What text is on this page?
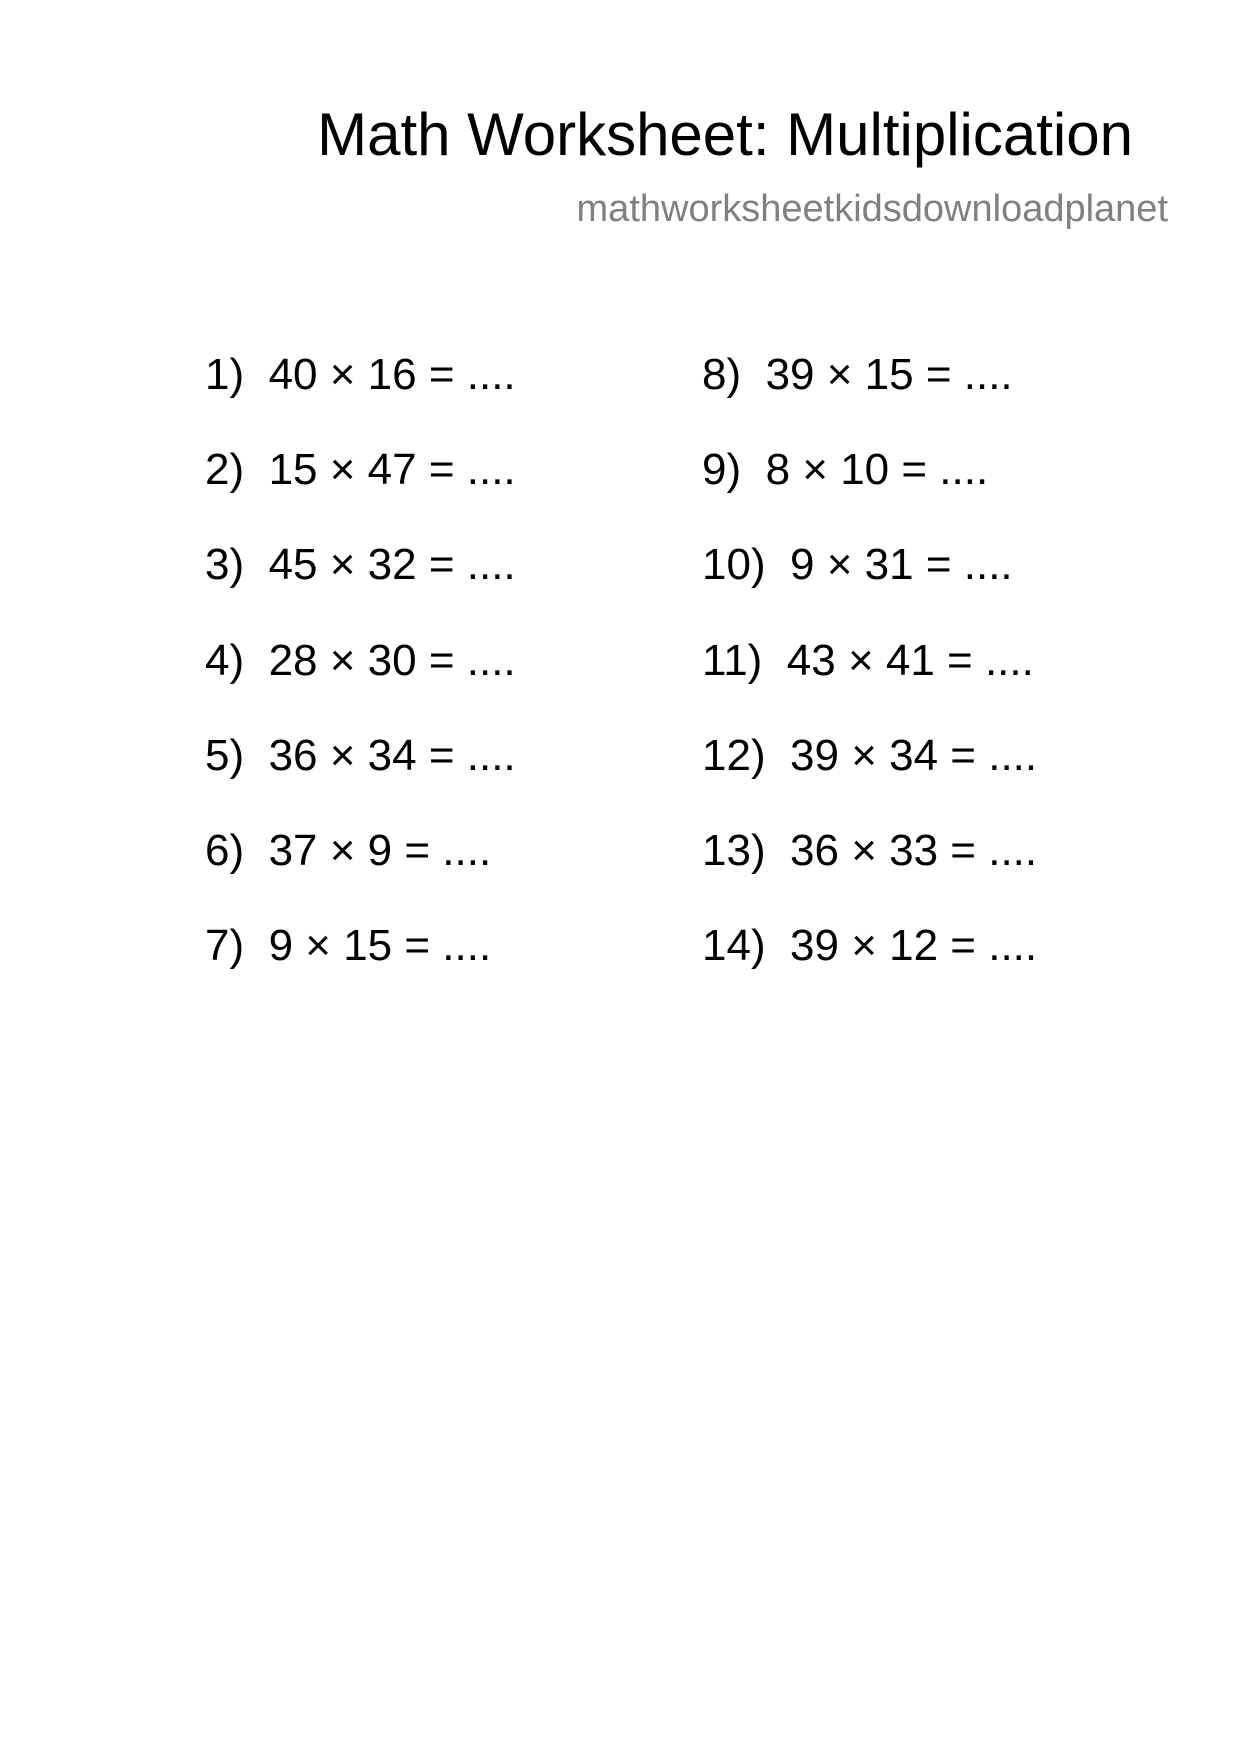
Math Worksheet: Multiplication
mathworksheetkidsdownloadplanet
1)  40 × 16 = ....
2)  15 × 47 = ....
3)  45 × 32 = ....
4)  28 × 30 = ....
5)  36 × 34 = ....
6)  37 × 9 = ....
7)  9 × 15 = ....
8)  39 × 15 = ....
9)  8 × 10 = ....
10)  9 × 31 = ....
11)  43 × 41 = ....
12)  39 × 34 = ....
13)  36 × 33 = ....
14)  39 × 12 = ....
